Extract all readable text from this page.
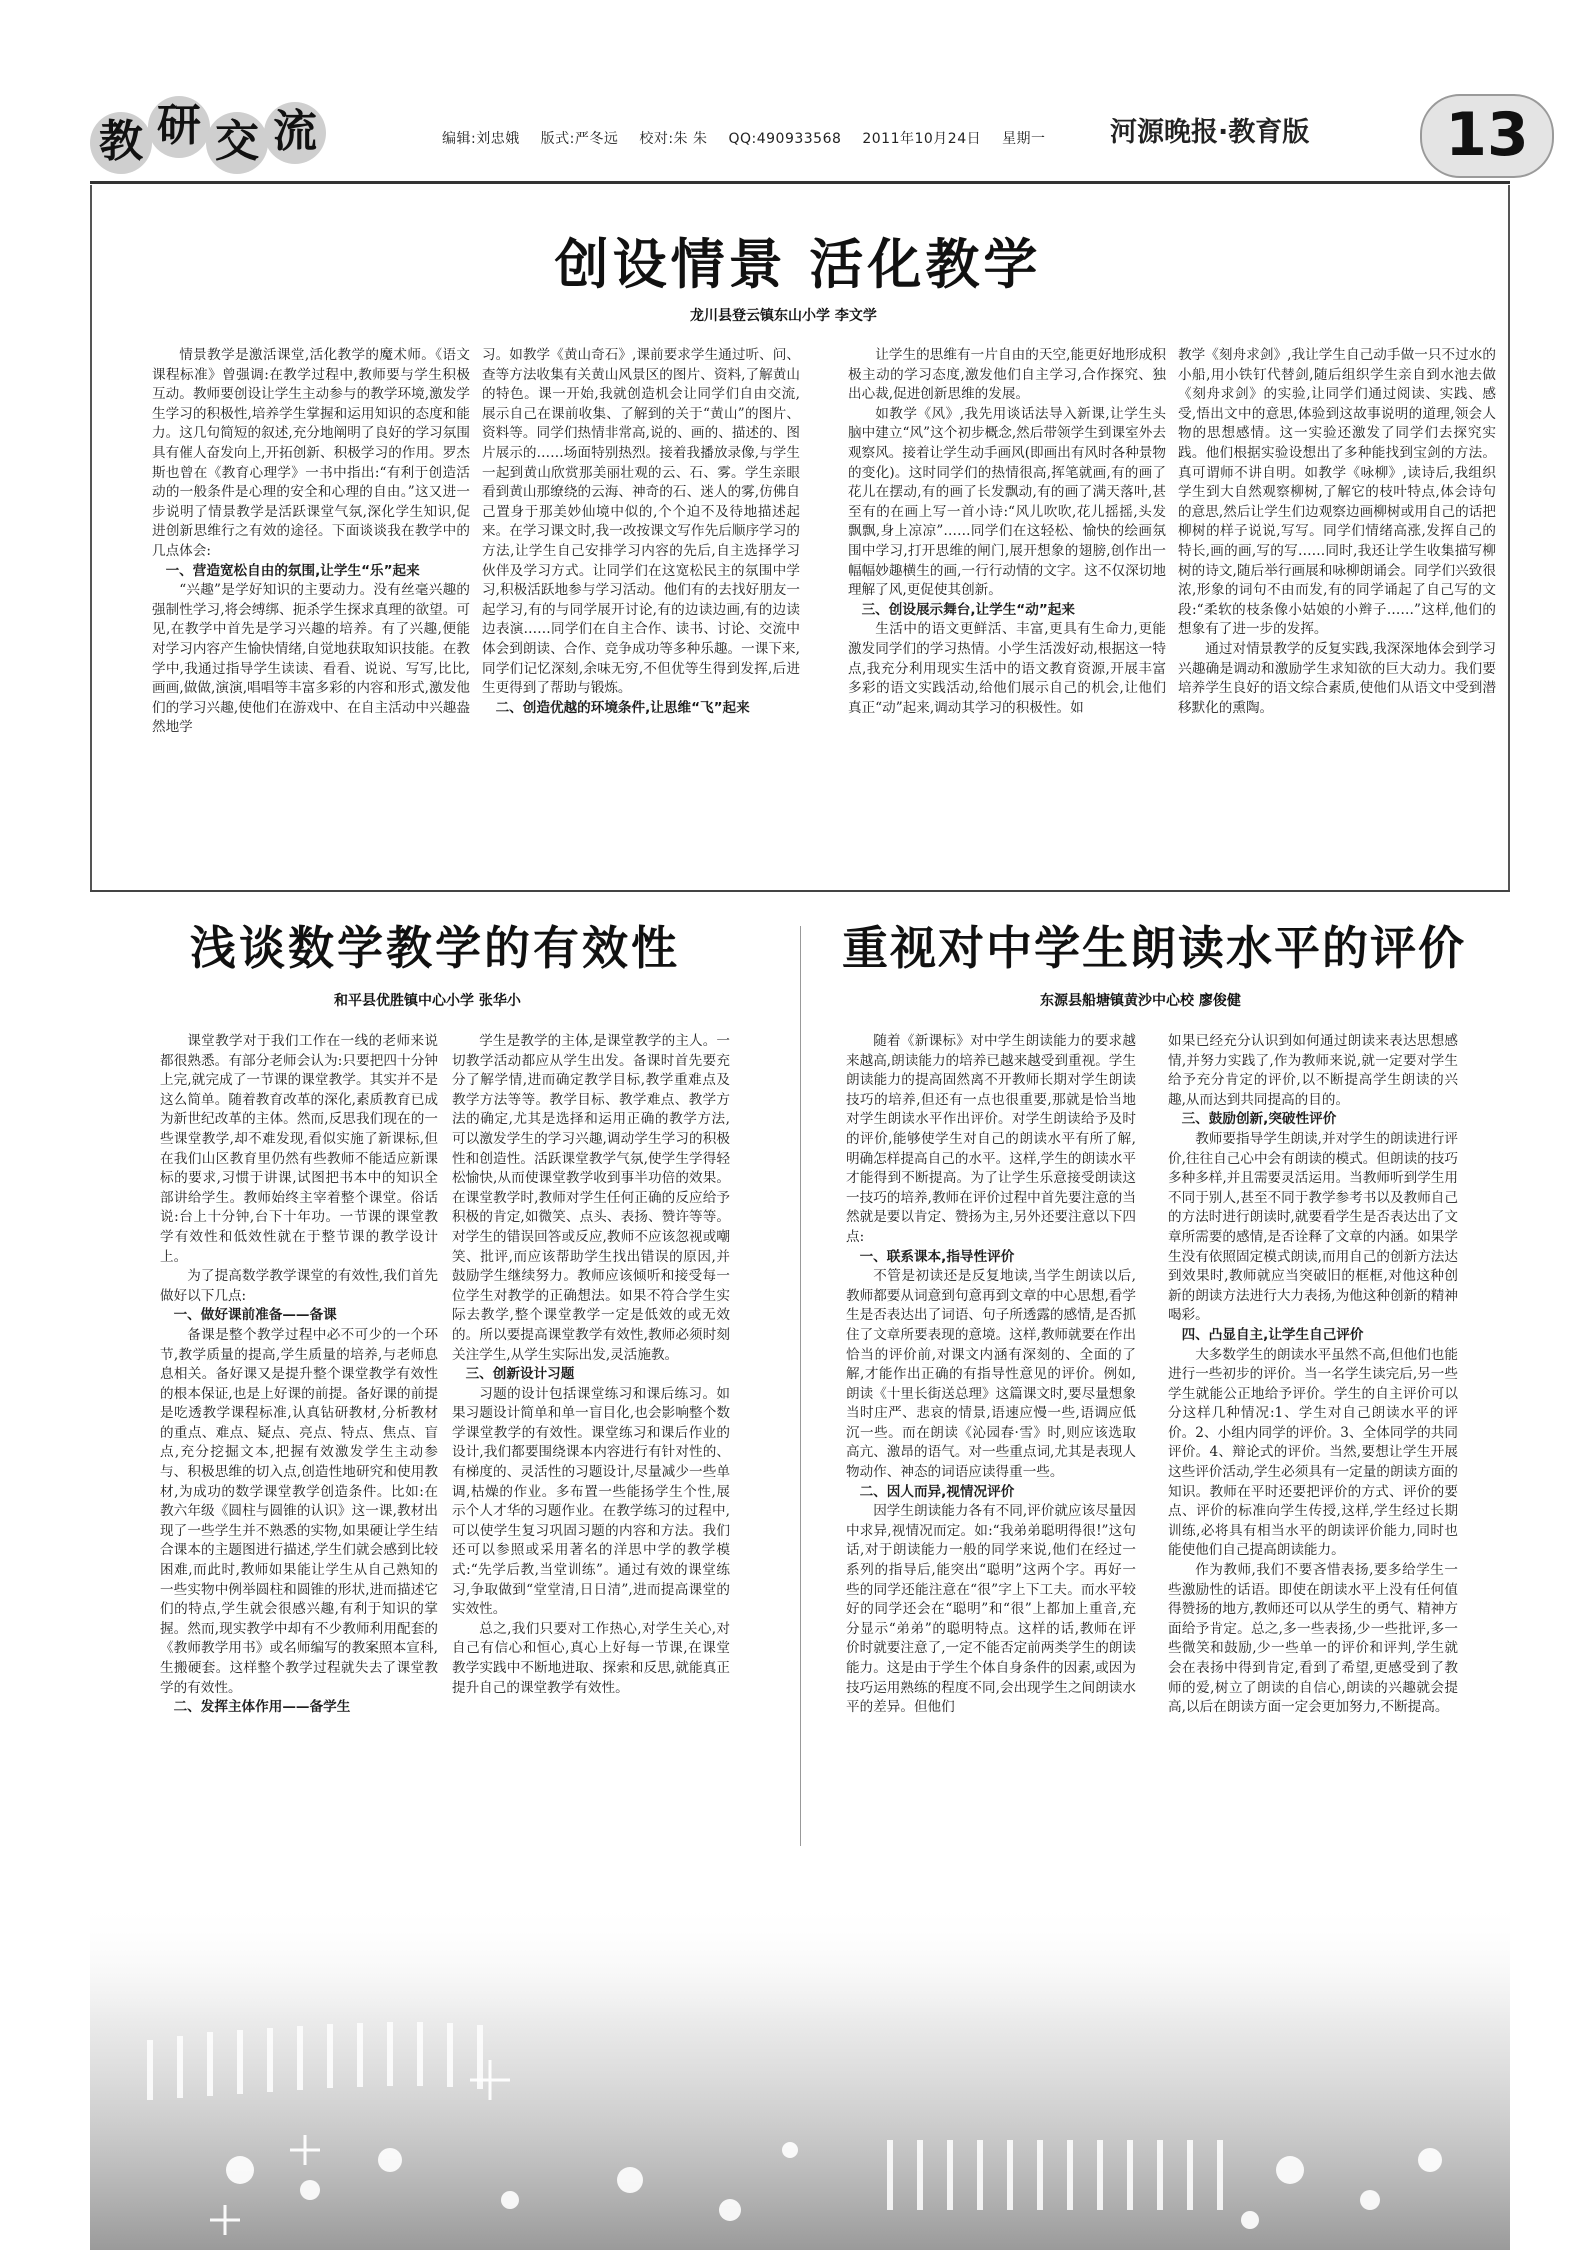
教 研 交 流	编辑:刘忠娥 版式:严冬远 校对:朱 朱 QQ:490933568 2011年10月24日 星期一	河源晚报·教育版	13
创设情景 活化教学
龙川县登云镇东山小学 李文学

情景教学是激活课堂,活化教学的魔术师。《语文课程标准》曾强调:在教学过程中,教师要与学生积极互动。教师要创设让学生主动参与的教学环境,激发学生学习的积极性,培养学生掌握和运用知识的态度和能力。这几句简短的叙述,充分地阐明了良好的学习氛围具有催人奋发向上,开拓创新、积极学习的作用。罗杰斯也曾在《教育心理学》一书中指出:“有利于创造活动的一般条件是心理的安全和心理的自由。”这又进一步说明了情景教学是活跃课堂气氛,深化学生知识,促进创新思维行之有效的途径。下面谈谈我在教学中的几点体会:

一、营造宽松自由的氛围,让学生“乐”起来

“兴趣”是学好知识的主要动力。没有丝毫兴趣的强制性学习,将会缚绑、扼杀学生探求真理的欲望。可见,在教学中首先是学习兴趣的培养。有了兴趣,便能对学习内容产生愉快情绪,自觉地获取知识技能。在教学中,我通过指导学生读读、看看、说说、写写,比比,画画,做做,演演,唱唱等丰富多彩的内容和形式,激发他们的学习兴趣,使他们在游戏中、在自主活动中兴趣盎然地学

习。如教学《黄山奇石》,课前要求学生通过听、问、查等方法收集有关黄山风景区的图片、资料,了解黄山的特色。课一开始,我就创造机会让同学们自由交流,展示自己在课前收集、了解到的关于“黄山”的图片、资料等。同学们热情非常高,说的、画的、描述的、图片展示的……场面特别热烈。接着我播放录像,与学生一起到黄山欣赏那美丽壮观的云、石、雾。学生亲眼看到黄山那缭绕的云海、神奇的石、迷人的雾,仿佛自己置身于那美妙仙境中似的,个个迫不及待地描述起来。在学习课文时,我一改按课文写作先后顺序学习的方法,让学生自己安排学习内容的先后,自主选择学习伙伴及学习方式。让同学们在这宽松民主的氛围中学习,积极活跃地参与学习活动。他们有的去找好朋友一起学习,有的与同学展开讨论,有的边读边画,有的边读边表演……同学们在自主合作、读书、讨论、交流中体会到朗读、合作、竞争成功等多种乐趣。一课下来,同学们记忆深刻,余味无穷,不但优等生得到发挥,后进生更得到了帮助与锻炼。

二、创造优越的环境条件,让思维“飞”起来

让学生的思维有一片自由的天空,能更好地形成积极主动的学习态度,激发他们自主学习,合作探究、独出心裁,促进创新思维的发展。

如教学《风》,我先用谈话法导入新课,让学生头脑中建立“风”这个初步概念,然后带领学生到课室外去观察风。接着让学生动手画风(即画出有风时各种景物的变化)。这时同学们的热情很高,挥笔就画,有的画了花儿在摆动,有的画了长发飘动,有的画了满天落叶,甚至有的在画上写一首小诗:“风儿吹吹,花儿摇摇,头发飘飘,身上凉凉”……同学们在这轻松、愉快的绘画氛围中学习,打开思维的闸门,展开想象的翅膀,创作出一幅幅妙趣横生的画,一行行动情的文字。这不仅深切地理解了风,更促使其创新。

三、创设展示舞台,让学生“动”起来

生活中的语文更鲜活、丰富,更具有生命力,更能激发同学们的学习热情。小学生活泼好动,根据这一特点,我充分利用现实生活中的语文教育资源,开展丰富多彩的语文实践活动,给他们展示自己的机会,让他们真正“动”起来,调动其学习的积极性。如

教学《刻舟求剑》,我让学生自己动手做一只不过水的小船,用小铁钉代替剑,随后组织学生亲自到水池去做《刻舟求剑》的实验,让同学们通过阅读、实践、感受,悟出文中的意思,体验到这故事说明的道理,领会人物的思想感情。这一实验还激发了同学们去探究实践。他们根据实验设想出了多种能找到宝剑的方法。真可谓师不讲自明。如教学《咏柳》,读诗后,我组织学生到大自然观察柳树,了解它的枝叶特点,体会诗句的意思,然后让学生们边观察边画柳树或用自己的话把柳树的样子说说,写写。同学们情绪高涨,发挥自己的特长,画的画,写的写……同时,我还让学生收集描写柳树的诗文,随后举行画展和咏柳朗诵会。同学们兴致很浓,形象的词句不由而发,有的同学诵起了自己写的文段:“柔软的枝条像小姑娘的小辫子……”这样,他们的想象有了进一步的发挥。

通过对情景教学的反复实践,我深深地体会到学习兴趣确是调动和激励学生求知欲的巨大动力。我们要培养学生良好的语文综合素质,使他们从语文中受到潜移默化的熏陶。

浅谈数学教学的有效性
和平县优胜镇中心小学 张华小

课堂教学对于我们工作在一线的老师来说都很熟悉。有部分老师会认为:只要把四十分钟上完,就完成了一节课的课堂教学。其实并不是这么简单。随着教育改革的深化,素质教育已成为新世纪改革的主体。然而,反思我们现在的一些课堂教学,却不难发现,看似实施了新课标,但在我们山区教育里仍然有些教师不能适应新课标的要求,习惯于讲课,试图把书本中的知识全部讲给学生。教师始终主宰着整个课堂。俗话说:台上十分钟,台下十年功。一节课的课堂教学有效性和低效性就在于整节课的教学设计上。

为了提高数学教学课堂的有效性,我们首先做好以下几点:

一、做好课前准备——备课

备课是整个教学过程中必不可少的一个环节,教学质量的提高,学生质量的培养,与老师息息相关。备好课又是提升整个课堂教学有效性的根本保证,也是上好课的前提。备好课的前提是吃透教学课程标准,认真钻研教材,分析教材的重点、难点、疑点、亮点、特点、焦点、盲点,充分挖掘文本,把握有效激发学生主动参与、积极思维的切入点,创造性地研究和使用教材,为成功的数学课堂教学创造条件。比如:在教六年级《圆柱与圆锥的认识》这一课,教材出现了一些学生并不熟悉的实物,如果硬让学生结合课本的主题图进行描述,学生们就会感到比较困难,而此时,教师如果能让学生从自己熟知的一些实物中例举圆柱和圆锥的形状,进而描述它们的特点,学生就会很感兴趣,有利于知识的掌握。然而,现实教学中却有不少教师利用配套的《教师教学用书》或名师编写的教案照本宣科,生搬硬套。这样整个教学过程就失去了课堂教学的有效性。

二、发挥主体作用——备学生

学生是教学的主体,是课堂教学的主人。一切教学活动都应从学生出发。备课时首先要充分了解学情,进而确定教学目标,教学重难点及教学方法等等。教学目标、教学难点、教学方法的确定,尤其是选择和运用正确的教学方法,可以激发学生的学习兴趣,调动学生学习的积极性和创造性。活跃课堂教学气氛,使学生学得轻松愉快,从而使课堂教学收到事半功倍的效果。在课堂教学时,教师对学生任何正确的反应给予积极的肯定,如微笑、点头、表扬、赞许等等。对学生的错误回答或反应,教师不应该忽视或嘲笑、批评,而应该帮助学生找出错误的原因,并鼓励学生继续努力。教师应该倾听和接受每一位学生对教学的正确想法。如果不符合学生实际去教学,整个课堂教学一定是低效的或无效的。所以要提高课堂教学有效性,教师必须时刻关注学生,从学生实际出发,灵活施教。

三、创新设计习题

习题的设计包括课堂练习和课后练习。如果习题设计简单和单一盲目化,也会影响整个数学课堂教学的有效性。课堂练习和课后作业的设计,我们都要围绕课本内容进行有针对性的、有梯度的、灵活性的习题设计,尽量减少一些单调,枯燥的作业。多布置一些能扬学生个性,展示个人才华的习题作业。在教学练习的过程中,可以使学生复习巩固习题的内容和方法。我们还可以参照或采用著名的洋思中学的教学模式:“先学后教,当堂训练”。通过有效的课堂练习,争取做到“堂堂清,日日清”,进而提高课堂的实效性。

总之,我们只要对工作热心,对学生关心,对自己有信心和恒心,真心上好每一节课,在课堂教学实践中不断地进取、探索和反思,就能真正提升自己的课堂教学有效性。

重视对中学生朗读水平的评价
东源县船塘镇黄沙中心校 廖俊健

随着《新课标》对中学生朗读能力的要求越来越高,朗读能力的培养已越来越受到重视。学生朗读能力的提高固然离不开教师长期对学生朗读技巧的培养,但还有一点也很重要,那就是恰当地对学生朗读水平作出评价。对学生朗读给予及时的评价,能够使学生对自己的朗读水平有所了解,明确怎样提高自己的水平。这样,学生的朗读水平才能得到不断提高。为了让学生乐意接受朗读这一技巧的培养,教师在评价过程中首先要注意的当然就是要以肯定、赞扬为主,另外还要注意以下四点:

一、联系课本,指导性评价

不管是初读还是反复地读,当学生朗读以后,教师都要从词意到句意再到文章的中心思想,看学生是否表达出了词语、句子所透露的感情,是否抓住了文章所要表现的意境。这样,教师就要在作出恰当的评价前,对课文内涵有深刻的、全面的了解,才能作出正确的有指导性意见的评价。例如,朗读《十里长街送总理》这篇课文时,要尽量想象当时庄严、悲哀的情景,语速应慢一些,语调应低沉一些。而在朗读《沁园春·雪》时,则应该选取高亢、激昂的语气。对一些重点词,尤其是表现人物动作、神态的词语应读得重一些。

二、因人而异,视情况评价

因学生朗读能力各有不同,评价就应该尽量因中求异,视情况而定。如:“我弟弟聪明得很!”这句话,对于朗读能力一般的同学来说,他们在经过一系列的指导后,能突出“聪明”这两个字。再好一些的同学还能注意在“很”字上下工夫。而水平较好的同学还会在“聪明”和“很”上都加上重音,充分显示“弟弟”的聪明特点。这样的话,教师在评价时就要注意了,一定不能否定前两类学生的朗读能力。这是由于学生个体自身条件的因素,或因为技巧运用熟练的程度不同,会出现学生之间朗读水平的差异。但他们

如果已经充分认识到如何通过朗读来表达思想感情,并努力实践了,作为教师来说,就一定要对学生给予充分肯定的评价,以不断提高学生朗读的兴趣,从而达到共同提高的目的。

三、鼓励创新,突破性评价

教师要指导学生朗读,并对学生的朗读进行评价,往往自己心中会有朗读的模式。但朗读的技巧多种多样,并且需要灵活运用。当教师听到学生用不同于别人,甚至不同于教学参考书以及教师自己的方法时进行朗读时,就要看学生是否表达出了文章所需要的感情,是否诠释了文章的内涵。如果学生没有依照固定模式朗读,而用自己的创新方法达到效果时,教师就应当突破旧的框框,对他这种创新的朗读方法进行大力表扬,为他这种创新的精神喝彩。

四、凸显自主,让学生自己评价

大多数学生的朗读水平虽然不高,但他们也能进行一些初步的评价。当一名学生读完后,另一些学生就能公正地给予评价。学生的自主评价可以分这样几种情况:1、学生对自己朗读水平的评价。2、小组内同学的评价。3、全体同学的共同评价。4、辩论式的评价。当然,要想让学生开展这些评价活动,学生必须具有一定量的朗读方面的知识。教师在平时还要把评价的方式、评价的要点、评价的标准向学生传授,这样,学生经过长期训练,必将具有相当水平的朗读评价能力,同时也能使他们自己提高朗读能力。

作为教师,我们不要吝惜表扬,要多给学生一些激励性的话语。即使在朗读水平上没有任何值得赞扬的地方,教师还可以从学生的勇气、精神方面给予肯定。总之,多一些表扬,少一些批评,多一些微笑和鼓励,少一些单一的评价和评判,学生就会在表扬中得到肯定,看到了希望,更感受到了教师的爱,树立了朗读的自信心,朗读的兴趣就会提高,以后在朗读方面一定会更加努力,不断提高。
